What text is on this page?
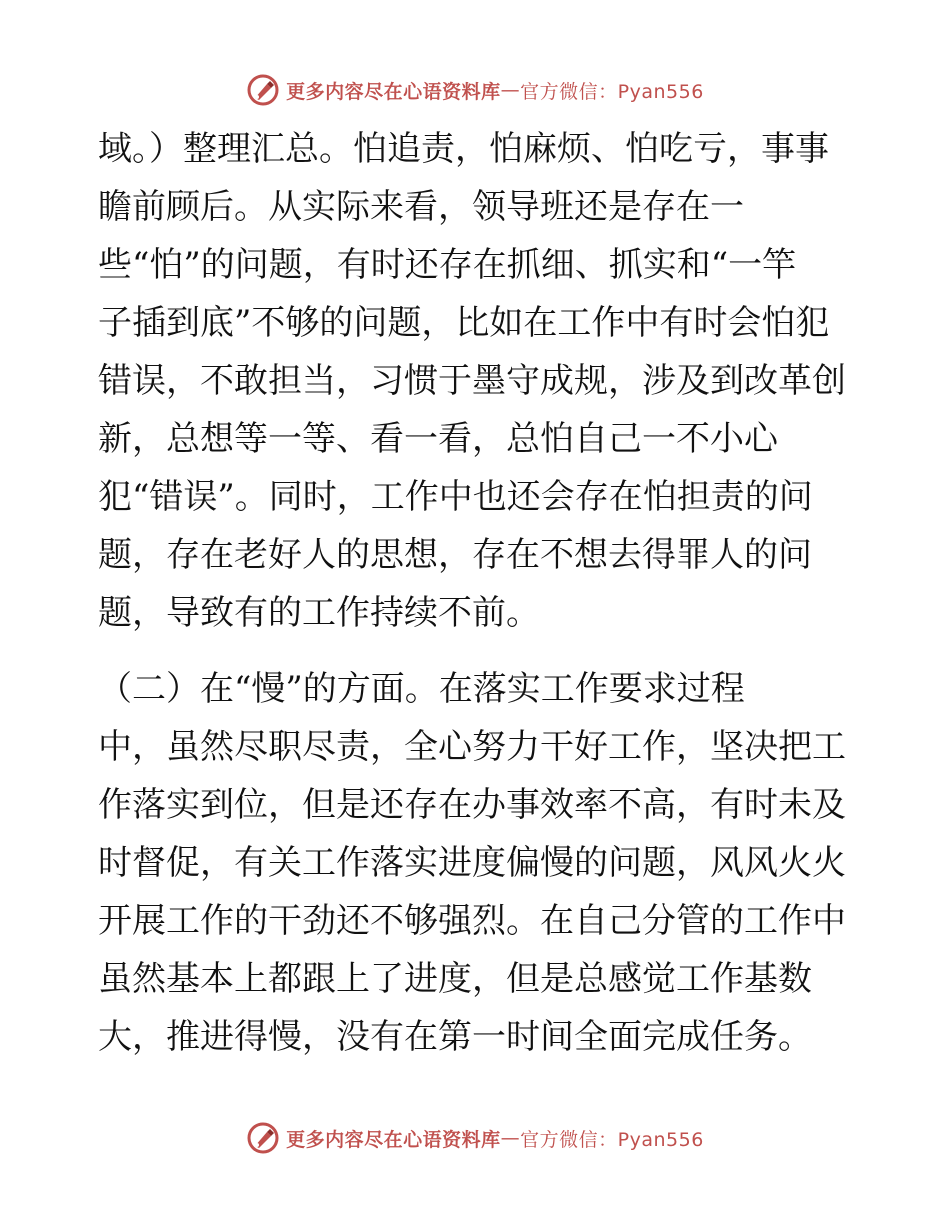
更多内容尽在心语资料库 — 官方微信：Pyan556
域。）整理汇总。怕追责，怕麻烦、怕吃亏，事事
瞻前顾后。从实际来看，领导班还是存在一
些“怕”的问题，有时还存在抓细、抓实和“一竿
子插到底”不够的问题，比如在工作中有时会怕犯
错误，不敢担当，习惯于墨守成规，涉及到改革创
新，总想等一等、看一看，总怕自己一不小心
犯“错误”。同时，工作中也还会存在怕担责的问
题，存在老好人的思想，存在不想去得罪人的问
题，导致有的工作持续不前。
（二）在“慢”的方面。在落实工作要求过程
中，虽然尽职尽责，全心努力干好工作，坚决把工
作落实到位，但是还存在办事效率不高，有时未及
时督促，有关工作落实进度偏慢的问题，风风火火
开展工作的干劲还不够强烈。在自己分管的工作中
虽然基本上都跟上了进度，但是总感觉工作基数
大，推进得慢，没有在第一时间全面完成任务。
更多内容尽在心语资料库 — 官方微信：Pyan556
